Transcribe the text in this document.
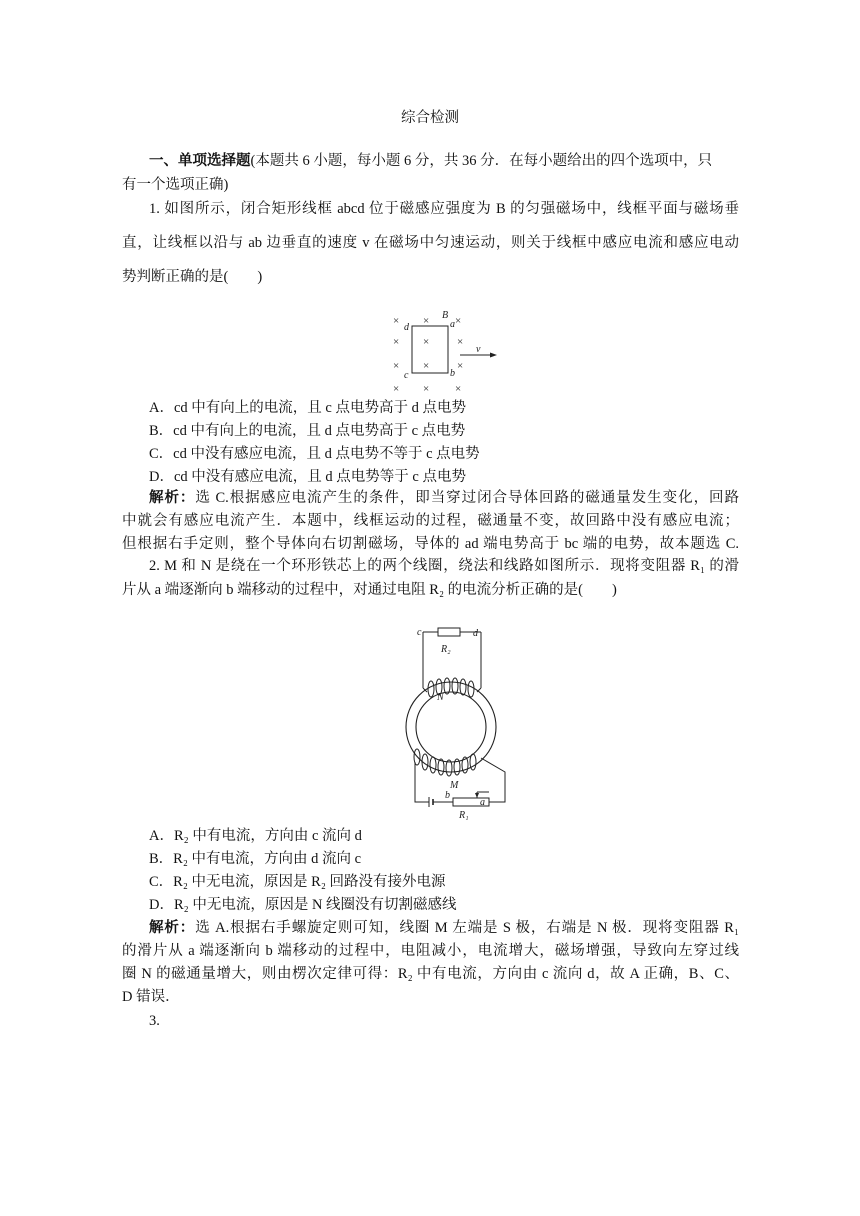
综合检测
一、单项选择题(本题共 6 小题，每小题 6 分，共 36 分．在每小题给出的四个选项中，只
有一个选项正确)
1. 如图所示，闭合矩形线框 abcd 位于磁感应强度为 B 的匀强磁场中，线框平面与磁场垂
直，让线框以沿与 ab 边垂直的速度 v 在磁场中匀速运动，则关于线框中感应电流和感应电动
势判断正确的是(　　)
× × ×
× ×	×
× ×	×
× × ×
B
d	a
c	b
v
A．cd 中有向上的电流，且 c 点电势高于 d 点电势
B．cd 中有向上的电流，且 d 点电势高于 c 点电势
C．cd 中没有感应电流，且 d 点电势不等于 c 点电势
D．cd 中没有感应电流，且 d 点电势等于 c 点电势
解析：选 C.根据感应电流产生的条件，即当穿过闭合导体回路的磁通量发生变化，回路
中就会有感应电流产生．本题中，线框运动的过程，磁通量不变，故回路中没有感应电流；
但根据右手定则，整个导体向右切割磁场，导体的 ad 端电势高于 bc 端的电势，故本题选 C.
2. M 和 N 是绕在一个环形铁芯上的两个线圈，绕法和线路如图所示．现将变阻器 R₁ 的滑
片从 a 端逐渐向 b 端移动的过程中，对通过电阻 R₂ 的电流分析正确的是(　　)
c	d
R₂
N
M
b
a
R₁
A．R₂ 中有电流，方向由 c 流向 d
B．R₂ 中有电流，方向由 d 流向 c
C．R₂ 中无电流，原因是 R₂ 回路没有接外电源
D．R₂ 中无电流，原因是 N 线圈没有切割磁感线
解析：选 A.根据右手螺旋定则可知，线圈 M 左端是 S 极，右端是 N 极．现将变阻器 R₁
的滑片从 a 端逐渐向 b 端移动的过程中，电阻减小，电流增大，磁场增强，导致向左穿过线
圈 N 的磁通量增大，则由楞次定律可得：R₂ 中有电流，方向由 c 流向 d，故 A 正确，B、C、
D 错误．
3.
